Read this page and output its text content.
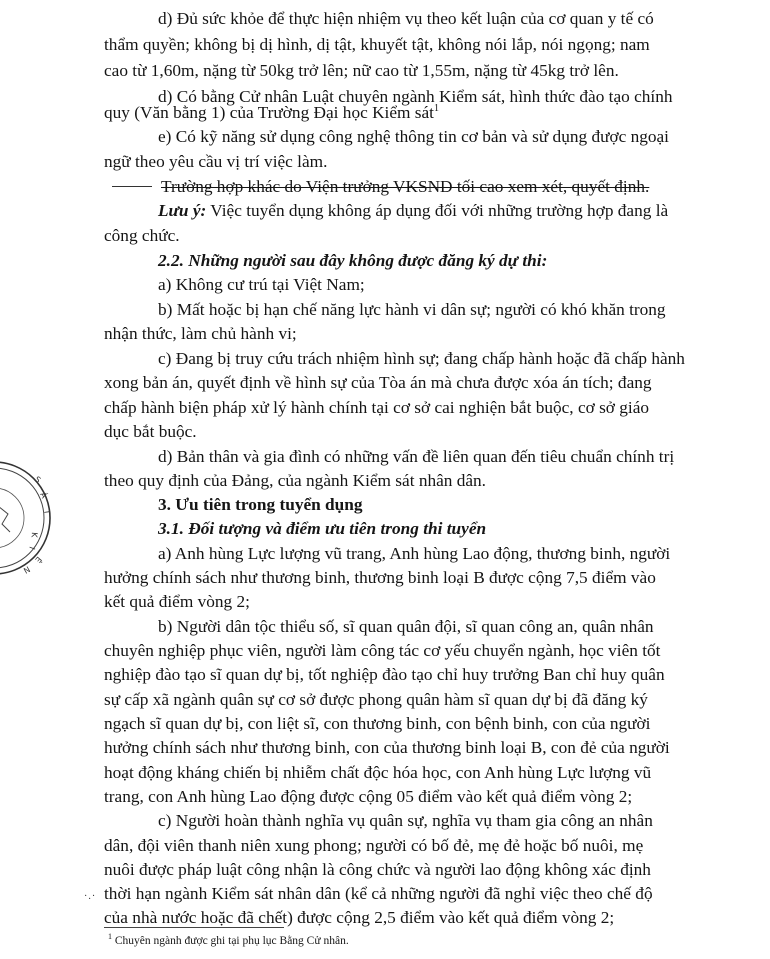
d) Đủ sức khỏe để thực hiện nhiệm vụ theo kết luận của cơ quan y tế có
thẩm quyền; không bị dị hình, dị tật, khuyết tật, không nói lắp, nói ngọng; nam
cao từ 1,60m, nặng từ 50kg trở lên; nữ cao từ 1,55m, nặng từ 45kg trở lên.
d) Có bằng Cử nhân Luật chuyên ngành Kiểm sát, hình thức đào tạo chính
quy (Văn bằng 1) của Trường Đại học Kiểm sát$^1$
e) Có kỹ năng sử dụng công nghệ thông tin cơ bản và sử dụng được ngoại
ngữ theo yêu cầu vị trí việc làm.
Trường hợp khác do Viện trưởng VKSND tối cao xem xét, quyết định.
Lưu ý: Việc tuyển dụng không áp dụng đối với những trường hợp đang là
công chức.
2.2. Những người sau đây không được đăng ký dự thi:
a) Không cư trú tại Việt Nam;
b) Mất hoặc bị hạn chế năng lực hành vi dân sự; người có khó khăn trong
nhận thức, làm chủ hành vi;
c) Đang bị truy cứu trách nhiệm hình sự; đang chấp hành hoặc đã chấp hành
xong bản án, quyết định về hình sự của Tòa án mà chưa được xóa án tích; đang
chấp hành biện pháp xử lý hành chính tại cơ sở cai nghiện bắt buộc, cơ sở giáo
dục bắt buộc.
d) Bản thân và gia đình có những vấn đề liên quan đến tiêu chuẩn chính trị
theo quy định của Đảng, của ngành Kiểm sát nhân dân.
3. Ưu tiên trong tuyển dụng
3.1. Đối tượng và điểm ưu tiên trong thi tuyển
a) Anh hùng Lực lượng vũ trang, Anh hùng Lao động, thương binh, người
hưởng chính sách như thương binh, thương binh loại B được cộng 7,5 điểm vào
kết quả điểm vòng 2;
b) Người dân tộc thiểu số, sĩ quan quân đội, sĩ quan công an, quân nhân
chuyên nghiệp phục viên, người làm công tác cơ yếu chuyển ngành, học viên tốt
nghiệp đào tạo sĩ quan dự bị, tốt nghiệp đào tạo chỉ huy trưởng Ban chỉ huy quân
sự cấp xã ngành quân sự cơ sở được phong quân hàm sĩ quan dự bị đã đăng ký
ngạch sĩ quan dự bị, con liệt sĩ, con thương binh, con bệnh binh, con của người
hưởng chính sách như thương binh, con của thương binh loại B, con đẻ của người
hoạt động kháng chiến bị nhiễm chất độc hóa học, con Anh hùng Lực lượng vũ
trang, con Anh hùng Lao động được cộng 05 điểm vào kết quả điểm vòng 2;
c) Người hoàn thành nghĩa vụ quân sự, nghĩa vụ tham gia công an nhân
dân, đội viên thanh niên xung phong; người có bố đẻ, mẹ đẻ hoặc bố nuôi, mẹ
nuôi được pháp luật công nhận là công chức và người lao động không xác định
thời hạn ngành Kiểm sát nhân dân (kể cả những người đã nghỉ việc theo chế độ
của nhà nước hoặc đã chết) được cộng 2,5 điểm vào kết quả điểm vòng 2;
$^1$ Chuyên ngành được ghi tại phụ lục Bằng Cử nhân.
S
Á
T
K
I
Ê
N
·.·
